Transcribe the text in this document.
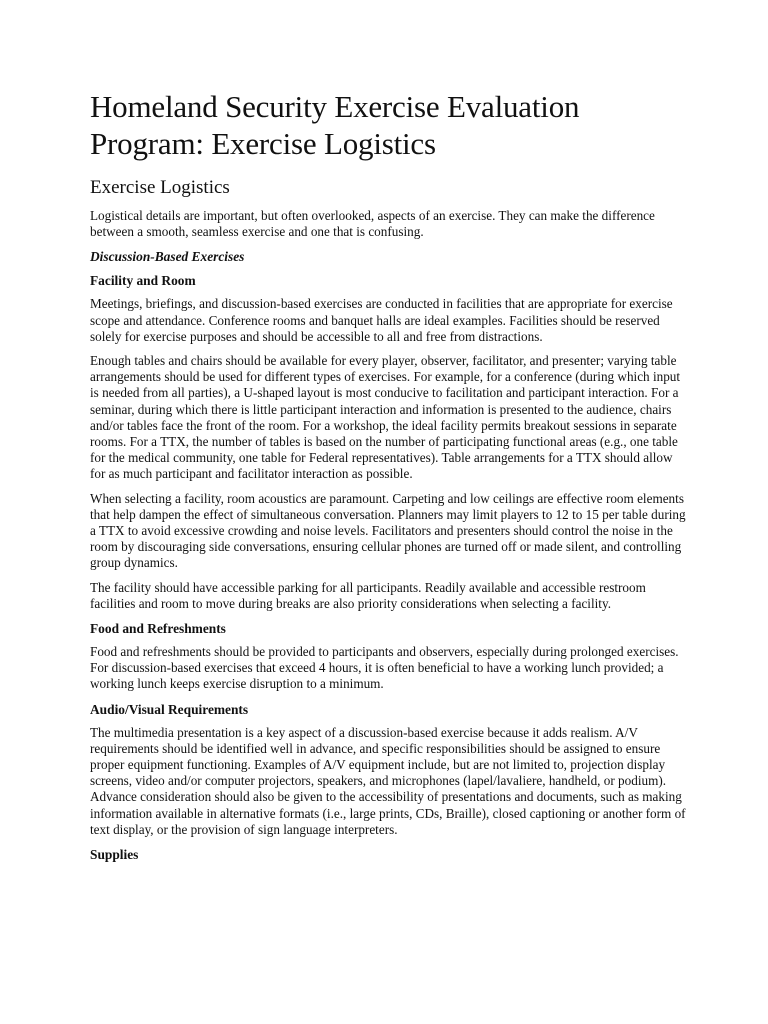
Homeland Security Exercise Evaluation Program: Exercise Logistics
Exercise Logistics

Logistical details are important, but often overlooked, aspects of an exercise. They can make the difference between a smooth, seamless exercise and one that is confusing.

Discussion-Based Exercises
Facility and Room

Meetings, briefings, and discussion-based exercises are conducted in facilities that are appropriate for exercise scope and attendance. Conference rooms and banquet halls are ideal examples. Facilities should be reserved solely for exercise purposes and should be accessible to all and free from distractions.

Enough tables and chairs should be available for every player, observer, facilitator, and presenter; varying table arrangements should be used for different types of exercises. For example, for a conference (during which input is needed from all parties), a U-shaped layout is most conducive to facilitation and participant interaction. For a seminar, during which there is little participant interaction and information is presented to the audience, chairs and/or tables face the front of the room. For a workshop, the ideal facility permits breakout sessions in separate rooms. For a TTX, the number of tables is based on the number of participating functional areas (e.g., one table for the medical community, one table for Federal representatives). Table arrangements for a TTX should allow for as much participant and facilitator interaction as possible.

When selecting a facility, room acoustics are paramount. Carpeting and low ceilings are effective room elements that help dampen the effect of simultaneous conversation. Planners may limit players to 12 to 15 per table during a TTX to avoid excessive crowding and noise levels. Facilitators and presenters should control the noise in the room by discouraging side conversations, ensuring cellular phones are turned off or made silent, and controlling group dynamics.

The facility should have accessible parking for all participants. Readily available and accessible restroom facilities and room to move during breaks are also priority considerations when selecting a facility.

Food and Refreshments

Food and refreshments should be provided to participants and observers, especially during prolonged exercises. For discussion-based exercises that exceed 4 hours, it is often beneficial to have a working lunch provided; a working lunch keeps exercise disruption to a minimum.

Audio/Visual Requirements

The multimedia presentation is a key aspect of a discussion-based exercise because it adds realism. A/V requirements should be identified well in advance, and specific responsibilities should be assigned to ensure proper equipment functioning. Examples of A/V equipment include, but are not limited to, projection display screens, video and/or computer projectors, speakers, and microphones (lapel/lavaliere, handheld, or podium). Advance consideration should also be given to the accessibility of presentations and documents, such as making information available in alternative formats (i.e., large prints, CDs, Braille), closed captioning or another form of text display, or the provision of sign language interpreters.

Supplies
